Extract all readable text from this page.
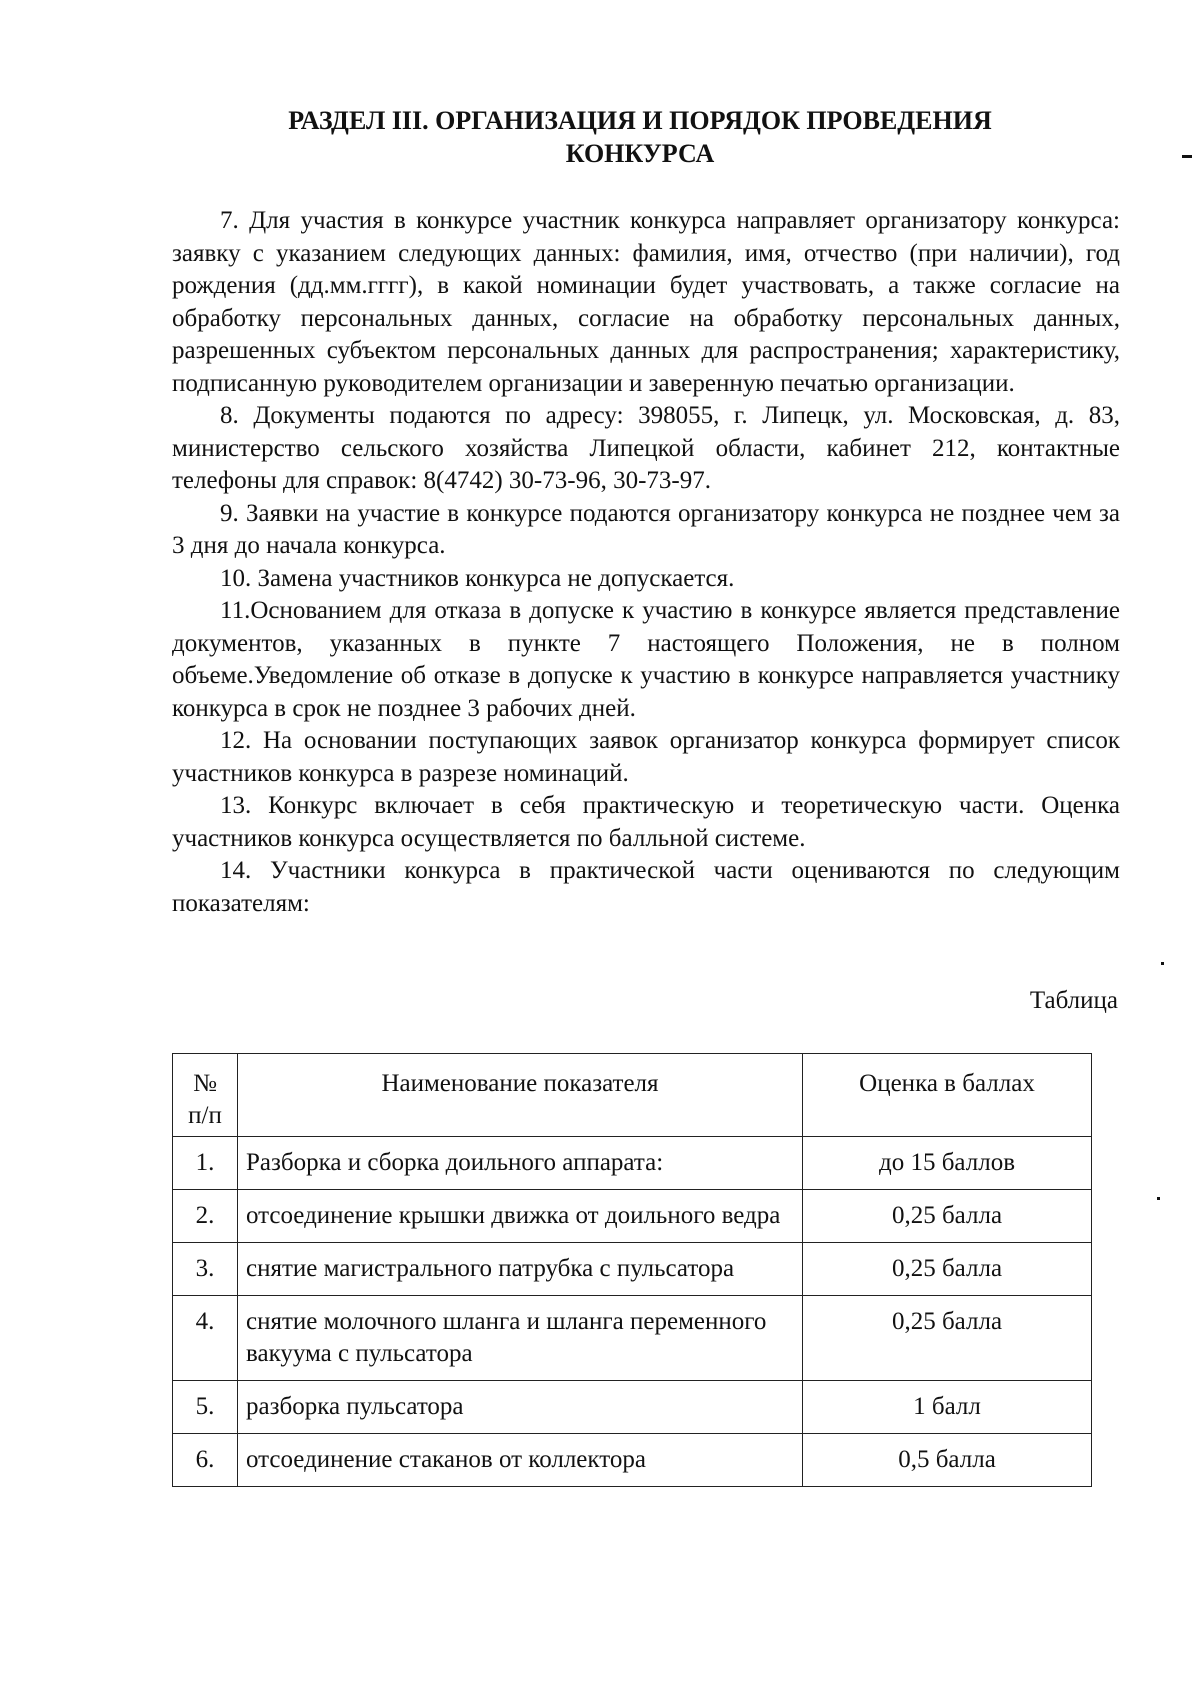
РАЗДЕЛ III. ОРГАНИЗАЦИЯ И ПОРЯДОК ПРОВЕДЕНИЯ
КОНКУРСА

7. Для участия в конкурсе участник конкурса направляет организатору конкурса: заявку с указанием следующих данных: фамилия, имя, отчество (при наличии), год рождения (дд.мм.гггг), в какой номинации будет участвовать, а также согласие на обработку персональных данных, согласие на обработку персональных данных, разрешенных субъектом персональных данных для распространения; характеристику, подписанную руководителем организации и заверенную печатью организации.

8. Документы подаются по адресу: 398055, г. Липецк, ул. Московская, д. 83, министерство сельского хозяйства Липецкой области, кабинет 212, контактные телефоны для справок: 8(4742) 30-73-96, 30-73-97.

9. Заявки на участие в конкурсе подаются организатору конкурса не позднее чем за 3 дня до начала конкурса.

10. Замена участников конкурса не допускается.

11.Основанием для отказа в допуске к участию в конкурсе является представление документов, указанных в пункте 7 настоящего Положения, не в полном объеме.Уведомление об отказе в допуске к участию в конкурсе направляется участнику конкурса в срок не позднее 3 рабочих дней.

12. На основании поступающих заявок организатор конкурса формирует список участников конкурса в разрезе номинаций.

13. Конкурс включает в себя практическую и теоретическую части. Оценка участников конкурса осуществляется по балльной системе.

14. Участники конкурса в практической части оцениваются по следующим показателям:

Таблица
№ п/п	Наименование показателя	Оценка в баллах
1.	Разборка и сборка доильного аппарата:	до 15 баллов
2.	отсоединение крышки движка от доильного ведра	0,25 балла
3.	снятие магистрального патрубка с пульсатора	0,25 балла
4.	снятие молочного шланга и шланга переменного вакуума с пульсатора	0,25 балла
5.	разборка пульсатора	1 балл
6.	отсоединение стаканов от коллектора	0,5 балла
